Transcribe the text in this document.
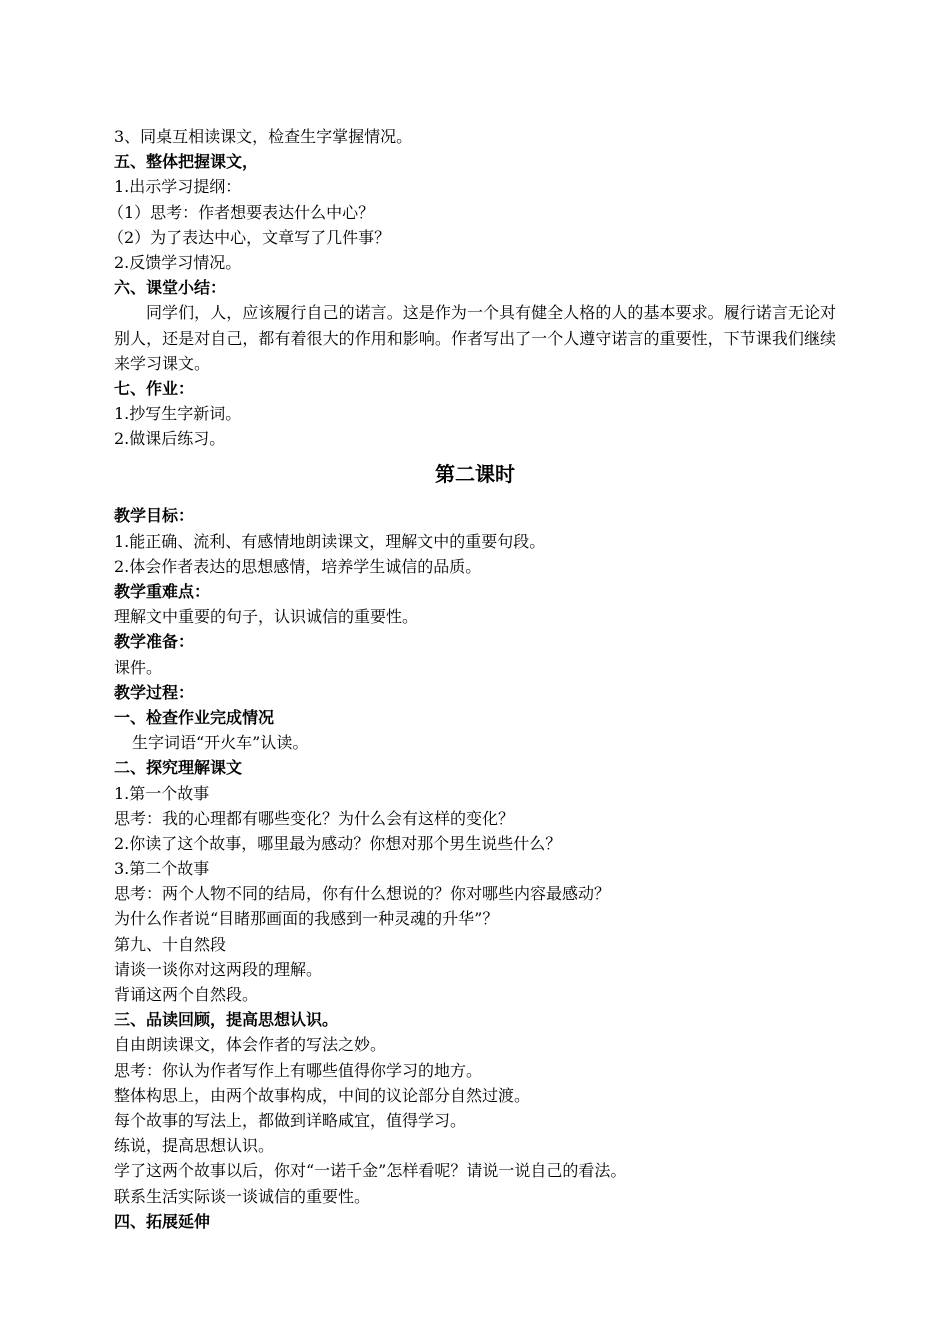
3、同桌互相读课文，检查生字掌握情况。
五、整体把握课文，
1.出示学习提纲：
（1）思考：作者想要表达什么中心？
（2）为了表达中心，文章写了几件事？
2.反馈学习情况。
六、课堂小结：

同学们，人，应该履行自己的诺言。这是作为一个具有健全人格的人的基本要求。履行诺言无论对别人，还是对自己，都有着很大的作用和影响。作者写出了一个人遵守诺言的重要性，下节课我们继续来学习课文。

七、作业：
1.抄写生字新词。
2.做课后练习。
第二课时
教学目标：
1.能正确、流利、有感情地朗读课文，理解文中的重要句段。
2.体会作者表达的思想感情，培养学生诚信的品质。
教学重难点：
理解文中重要的句子，认识诚信的重要性。
教学准备：
课件。
教学过程：
一、检查作业完成情况
生字词语“开火车”认读。
二、探究理解课文
1.第一个故事
思考：我的心理都有哪些变化？为什么会有这样的变化？
2.你读了这个故事，哪里最为感动？你想对那个男生说些什么？
3.第二个故事
思考：两个人物不同的结局，你有什么想说的？你对哪些内容最感动？
为什么作者说“目睹那画面的我感到一种灵魂的升华”？
第九、十自然段
请谈一谈你对这两段的理解。
背诵这两个自然段。
三、品读回顾，提高思想认识。
自由朗读课文，体会作者的写法之妙。
思考：你认为作者写作上有哪些值得你学习的地方。
整体构思上，由两个故事构成，中间的议论部分自然过渡。
每个故事的写法上，都做到详略咸宜，值得学习。
练说，提高思想认识。
学了这两个故事以后，你对“一诺千金”怎样看呢？请说一说自己的看法。
联系生活实际谈一谈诚信的重要性。
四、拓展延伸
